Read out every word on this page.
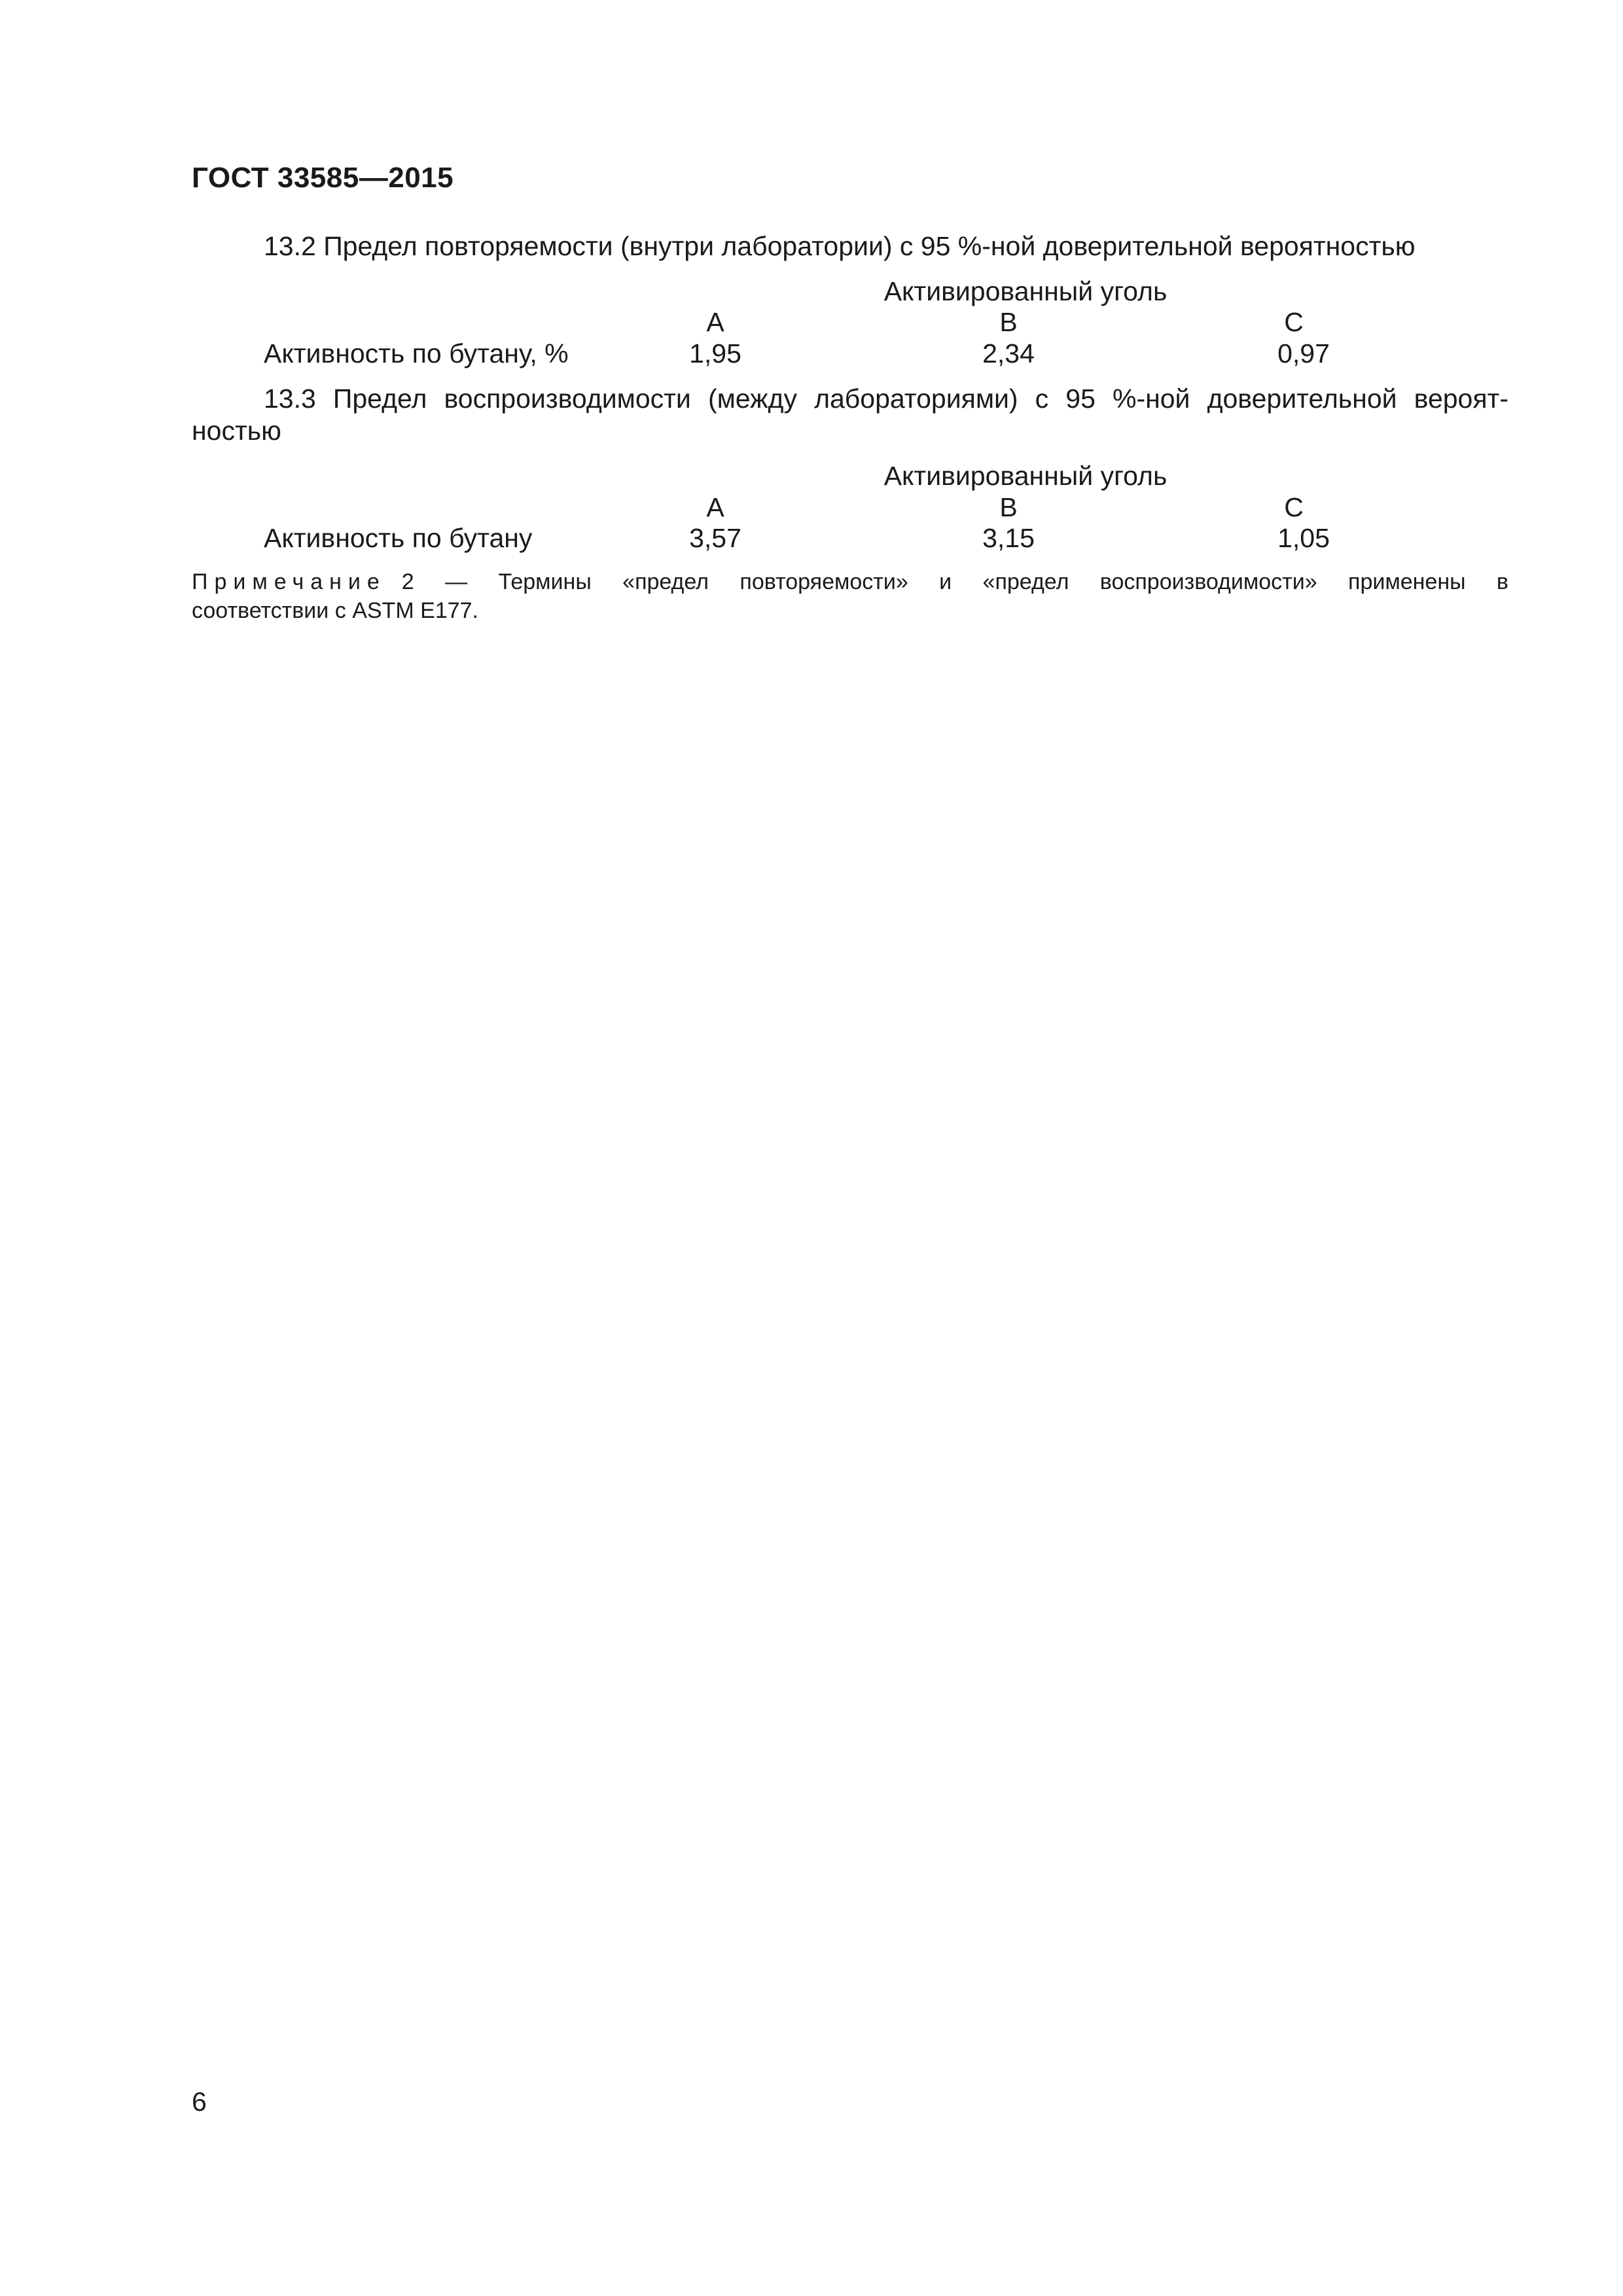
ГОСТ 33585—2015
13.2 Предел повторяемости (внутри лаборатории) с 95 %-ной доверительной вероятностью
Активированный уголь
A	B	C
Активность по бутану, %	1,95	2,34	0,97
13.3 Предел воспроизводимости (между лабораториями) с 95 %-ной доверительной вероят-
ностью
Активированный уголь
A	B	C
Активность по бутану	3,57	3,15	1,05
Примечание 2 — Термины «предел повторяемости» и «предел воспроизводимости» применены в
соответствии с ASTM E177.
6
